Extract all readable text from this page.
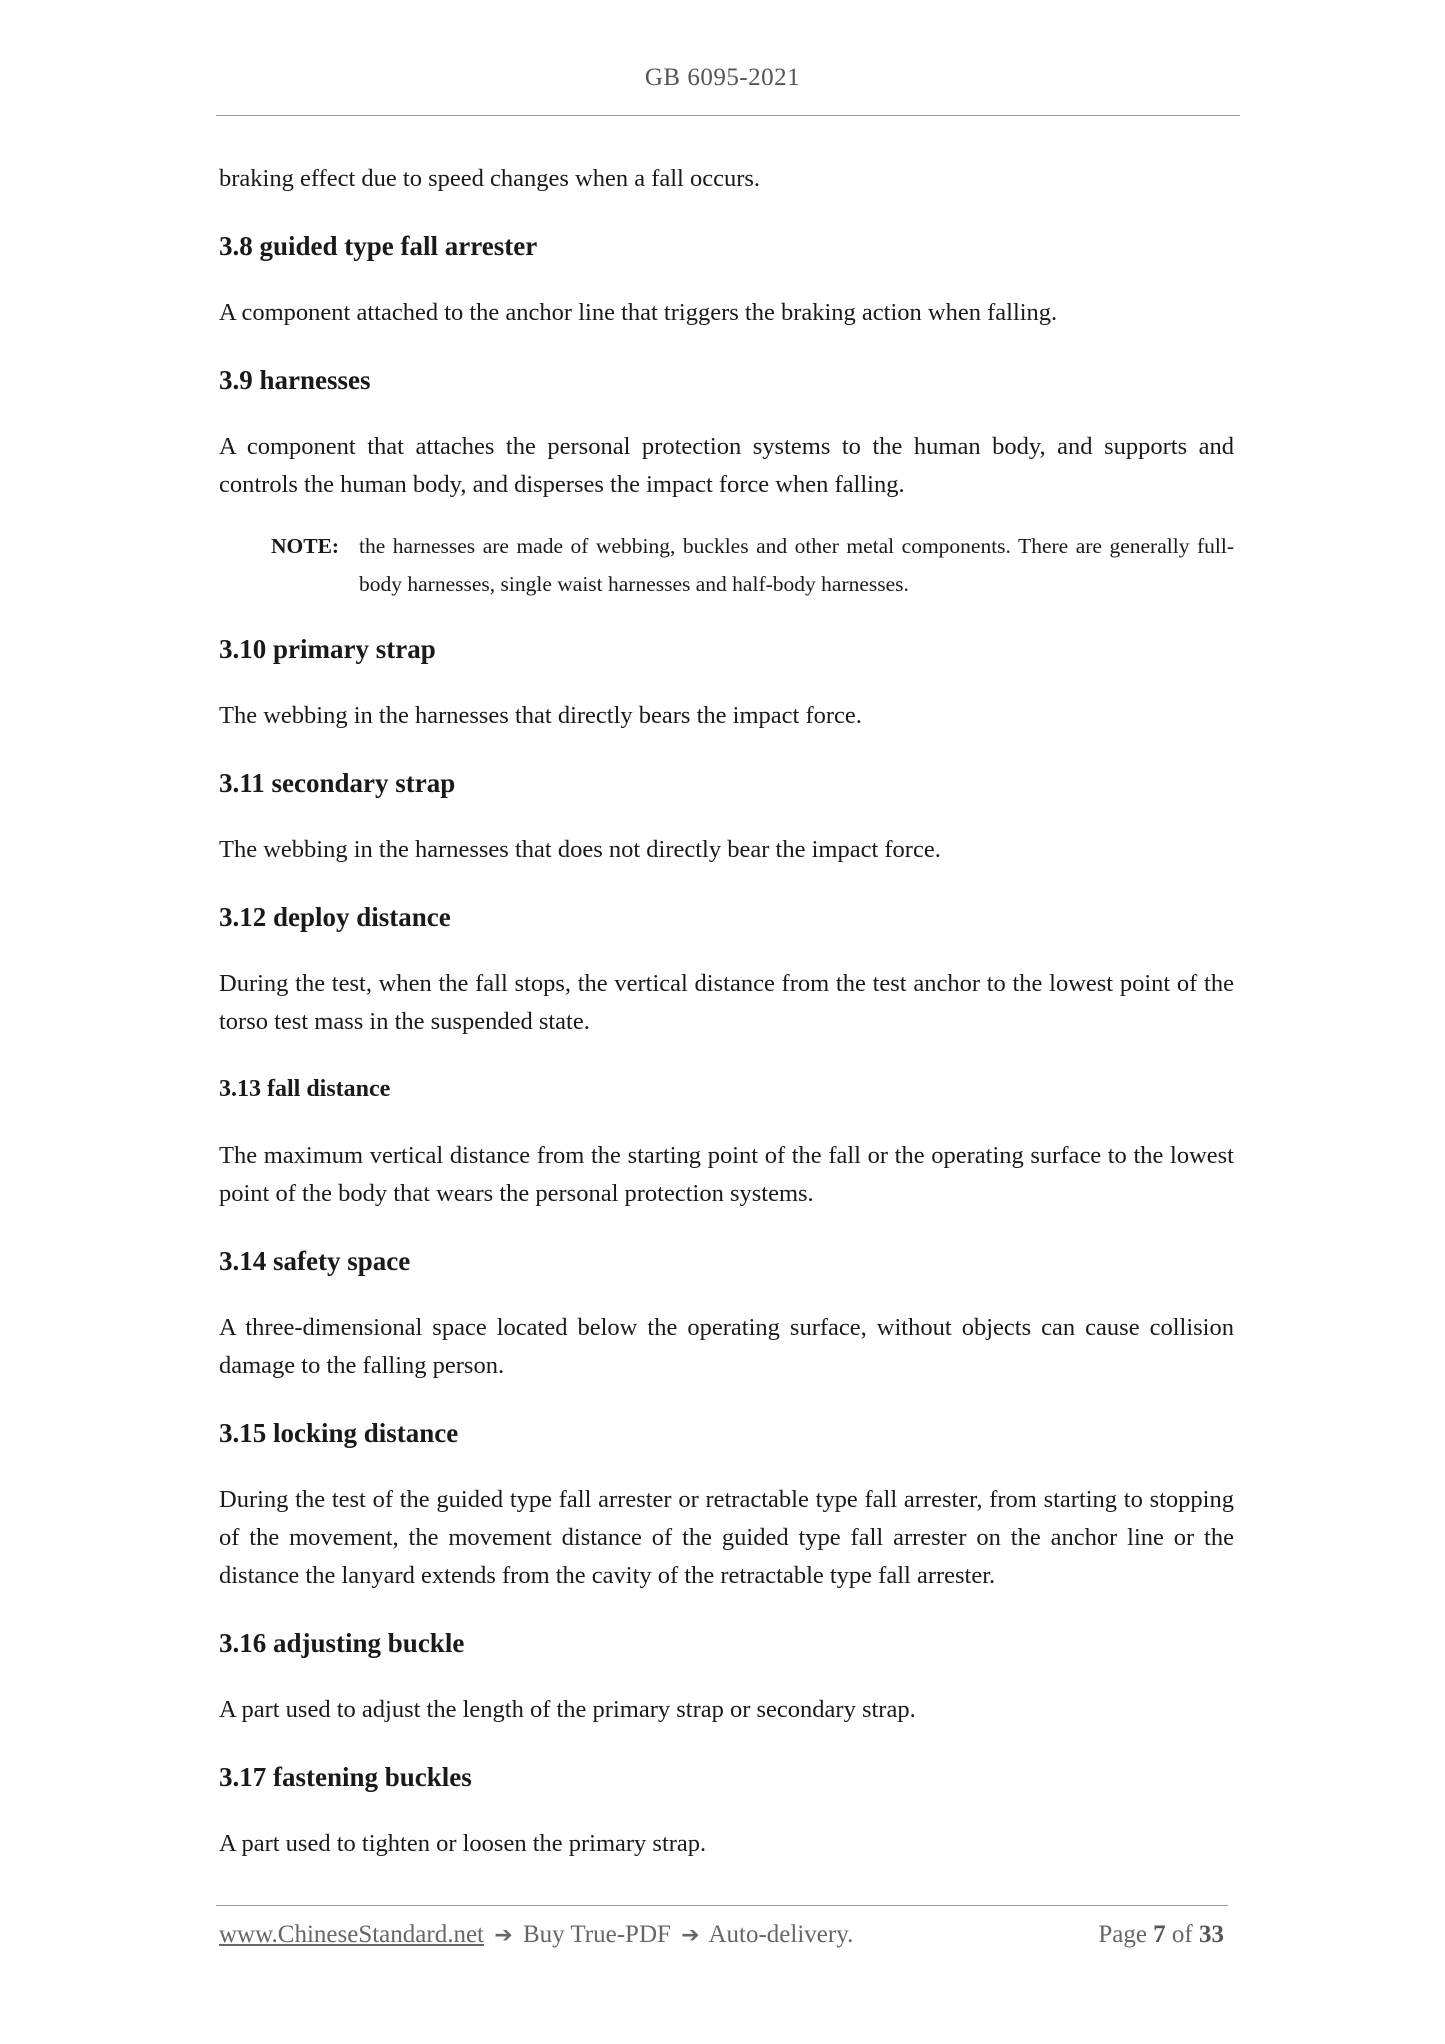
GB 6095-2021

braking effect due to speed changes when a fall occurs.

3.8 guided type fall arrester

A component attached to the anchor line that triggers the braking action when falling.

3.9 harnesses

A component that attaches the personal protection systems to the human body, and supports and controls the human body, and disperses the impact force when falling.

NOTE: the harnesses are made of webbing, buckles and other metal components. There are generally full-body harnesses, single waist harnesses and half-body harnesses.
3.10 primary strap

The webbing in the harnesses that directly bears the impact force.

3.11 secondary strap

The webbing in the harnesses that does not directly bear the impact force.

3.12 deploy distance

During the test, when the fall stops, the vertical distance from the test anchor to the lowest point of the torso test mass in the suspended state.

3.13 fall distance

The maximum vertical distance from the starting point of the fall or the operating surface to the lowest point of the body that wears the personal protection systems.

3.14 safety space

A three-dimensional space located below the operating surface, without objects can cause collision damage to the falling person.

3.15 locking distance

During the test of the guided type fall arrester or retractable type fall arrester, from starting to stopping of the movement, the movement distance of the guided type fall arrester on the anchor line or the distance the lanyard extends from the cavity of the retractable type fall arrester.

3.16 adjusting buckle

A part used to adjust the length of the primary strap or secondary strap.

3.17 fastening buckles

A part used to tighten or loosen the primary strap.

www.ChineseStandard.net ➔ Buy True-PDF ➔ Auto-delivery.	Page 7 of 33
